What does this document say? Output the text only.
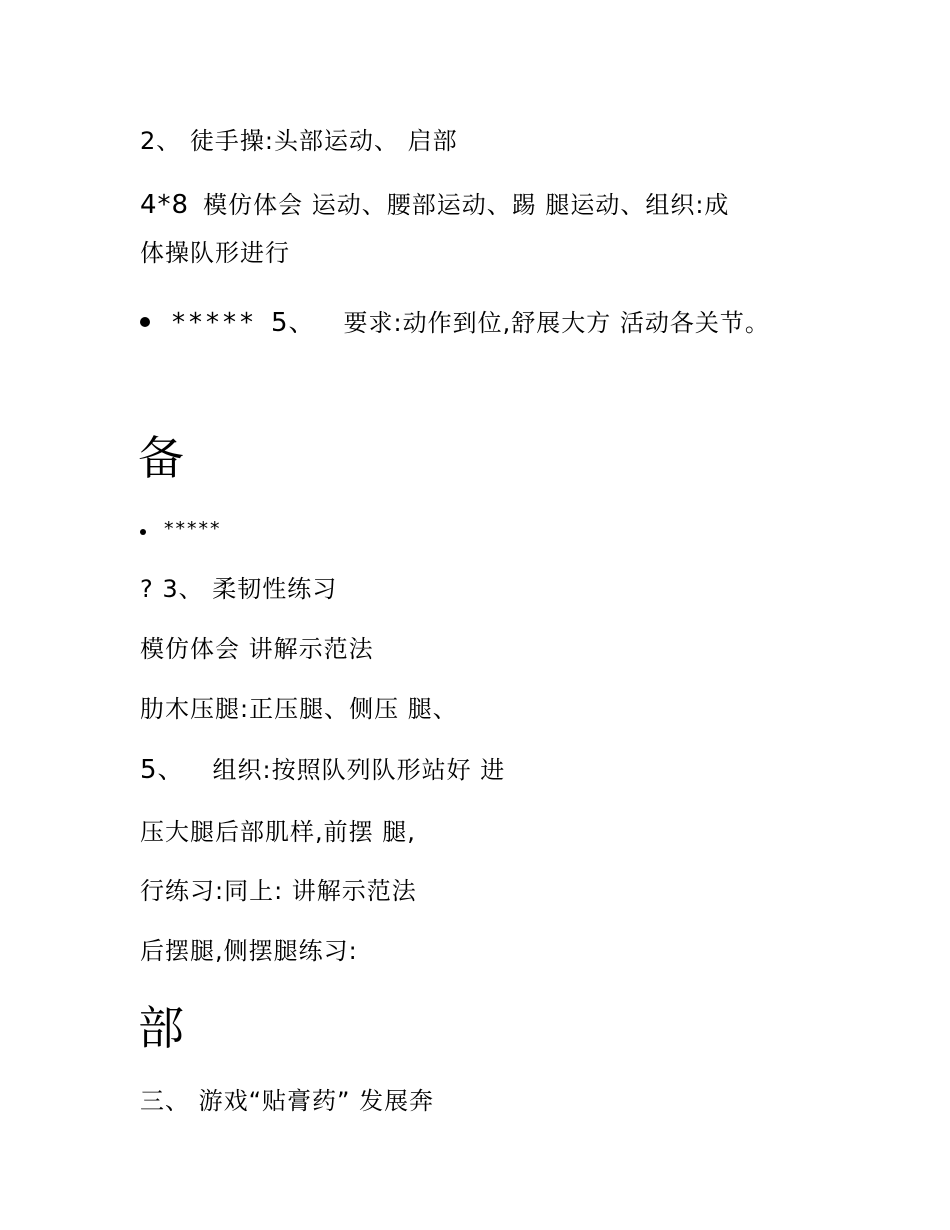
2、 徒手操:头部运动、 启部
4*8 模仿体会 运动、腰部运动、踢 腿运动、组织:成
体操队形进行
***** 5、 要求:动作到位,舒展大方 活动各关节。
备
*****
? 3、 柔韧性练习
模仿体会 讲解示范法
肋木压腿:正压腿、侧压 腿、
5、 组织:按照队列队形站好 进
压大腿后部肌样,前摆 腿,
行练习:同上: 讲解示范法
后摆腿,侧摆腿练习:
部
三、 游戏“贴膏药” 发展奔
